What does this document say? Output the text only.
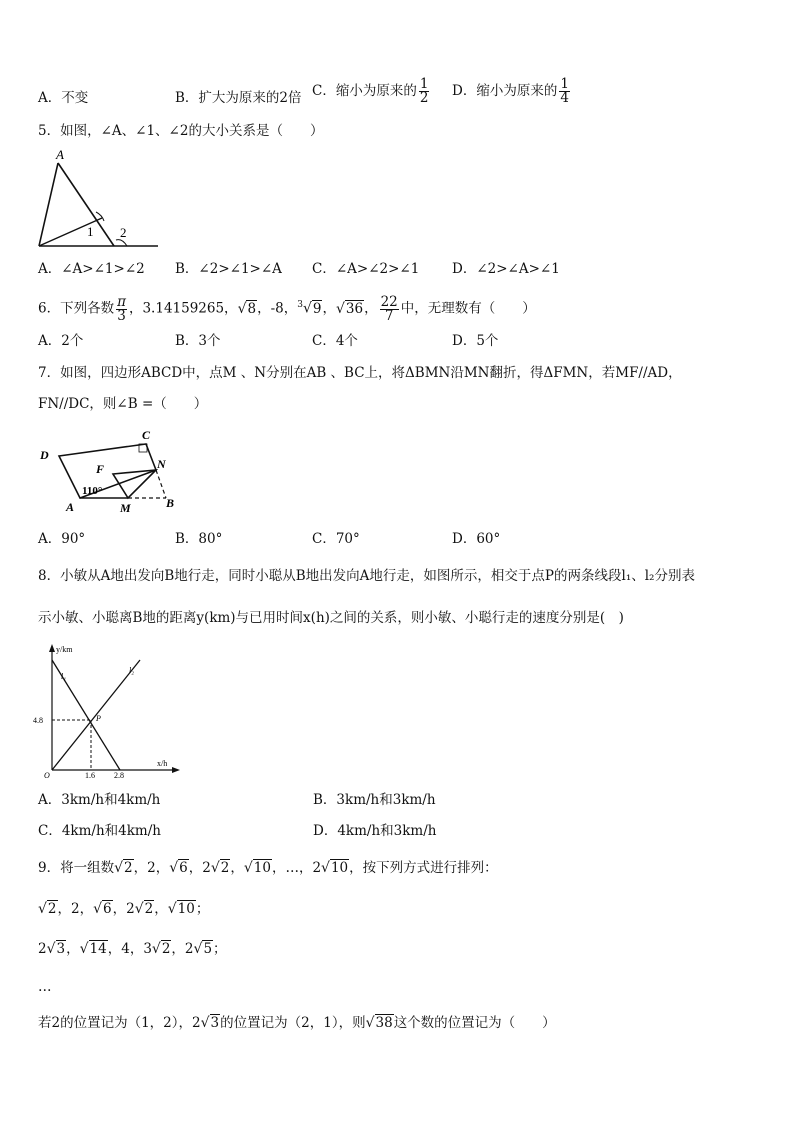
A．不变	B．扩大为原来的2倍 C．缩小为原来的 $\frac{1}{2}$ D．缩小为原来的 $\frac{1}{4}$
5．如图，∠A、∠1、∠2的大小关系是（　　）
A
1 2
A．∠A>∠1>∠2 B．∠2>∠1>∠A C．∠A>∠2>∠1 D．∠2>∠A>∠1
6．下列各数 $\frac{\pi}{3}$ ，3.14159265，√8，-8，$^3$√9，√36， $\frac{22}{7}$ 中，无理数有（　　）
A．2个	B．3个	C．4个	D．5个
7．如图，四边形ABCD中，点M 、N分别在AB 、BC上，将ΔBMN沿MN翻折，得ΔFMN，若MF//AD，
FN//DC，则∠B =（　　）
D
C
F	N
110°
A	M	B
A．90°	B．80°	C．70°	D．60°
8．小敏从A地出发向B地行走，同时小聪从B地出发向A地行走，如图所示，相交于点P的两条线段l₁、l₂分别表
示小敏、小聪离B地的距离y(km)与已用时间x(h)之间的关系，则小敏、小聪行走的速度分别是(　)
y/km
x/h
l₁
l₂
P
4.8
O	1.6 2.8
A．3km/h和4km/h	B．3km/h和3km/h
C．4km/h和4km/h	D．4km/h和3km/h
9．将一组数√2，2，√6，2√2，√10，…，2√10，按下列方式进行排列：
√2，2，√6，2√2，√10；
2√3，√14，4，3√2，2√5；
…
若2的位置记为（1，2），2√3的位置记为（2，1），则√38这个数的位置记为（　　）
